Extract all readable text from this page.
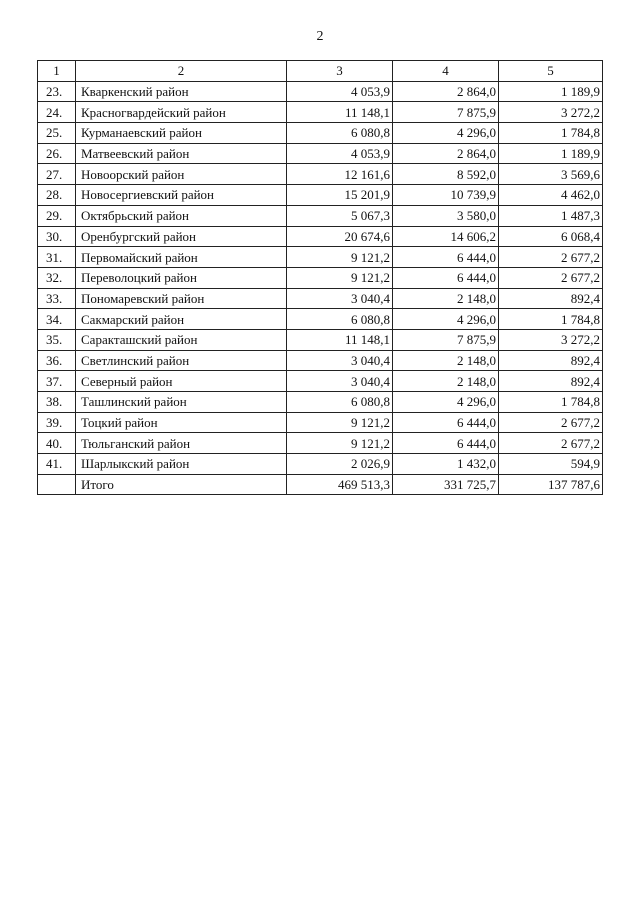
2
1	2	3	4	5
23.	Кваркенский район	4 053,9	2 864,0	1 189,9
24.	Красногвардейский район	11 148,1	7 875,9	3 272,2
25.	Курманаевский район	6 080,8	4 296,0	1 784,8
26.	Матвеевский район	4 053,9	2 864,0	1 189,9
27.	Новоорский район	12 161,6	8 592,0	3 569,6
28.	Новосергиевский район	15 201,9	10 739,9	4 462,0
29.	Октябрьский район	5 067,3	3 580,0	1 487,3
30.	Оренбургский район	20 674,6	14 606,2	6 068,4
31.	Первомайский район	9 121,2	6 444,0	2 677,2
32.	Переволоцкий район	9 121,2	6 444,0	2 677,2
33.	Пономаревский район	3 040,4	2 148,0	892,4
34.	Сакмарский район	6 080,8	4 296,0	1 784,8
35.	Саракташский район	11 148,1	7 875,9	3 272,2
36.	Светлинский район	3 040,4	2 148,0	892,4
37.	Северный район	3 040,4	2 148,0	892,4
38.	Ташлинский район	6 080,8	4 296,0	1 784,8
39.	Тоцкий район	9 121,2	6 444,0	2 677,2
40.	Тюльганский район	9 121,2	6 444,0	2 677,2
41.	Шарлыкский район	2 026,9	1 432,0	594,9
	Итого	469 513,3	331 725,7	137 787,6
